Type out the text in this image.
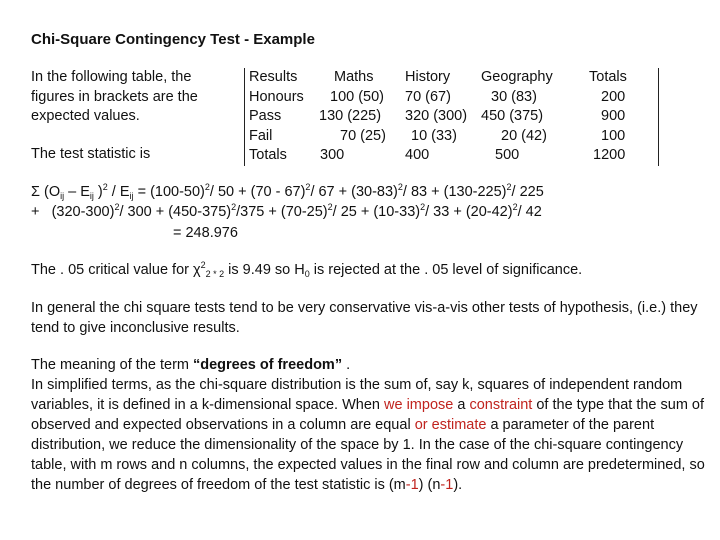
Chi-Square Contingency Test - Example
In the following table, the figures in brackets are the expected values.
The test statistic is
Results
Honours
Pass
Fail
Totals
Maths
100 (50)
130 (225)
70 (25)
300
History
70 (67)
320 (300)
10 (33)
400
Geography
30 (83)
450 (375)
20 (42)
500
Totals
200
900
100
1200
Σ ($O_{ij} - E_{ij}$ )$^2 / E_{ij} = (100-50)^2/$ 50 + (70 - 67)$^2$/ $67 + (30-83)^2/$ $83 + (130-225)^2/$ 225
+ $(320-300)^2/$ $300 + (450-375)^2/375 + (70-25)^2/$ $25 + (10-33)^2/$ $33 + (20-42)^2/$ 42
= 248.976
The . 05 critical value for $\chi^2_{2 * 2}$ is 9.49 so $H_0$ is rejected at the . 05 level of significance.
In general the chi square tests tend to be very conservative vis-a-vis other tests of hypothesis, (i.e.) they tend to give inconclusive results.
The meaning of the term “degrees of freedom” .
In simplified terms, as the chi-square distribution is the sum of, say k, squares of independent random variables, it is defined in a k-dimensional space. When we impose a constraint of the type that the sum of observed and expected observations in a column are equal or estimate a parameter of the parent distribution, we reduce the dimensionality of the space by 1. In the case of the chi-square contingency table, with m rows and n columns, the expected values in the final row and column are predetermined, so the number of degrees of freedom of the test statistic is (m-1) (n-1).
